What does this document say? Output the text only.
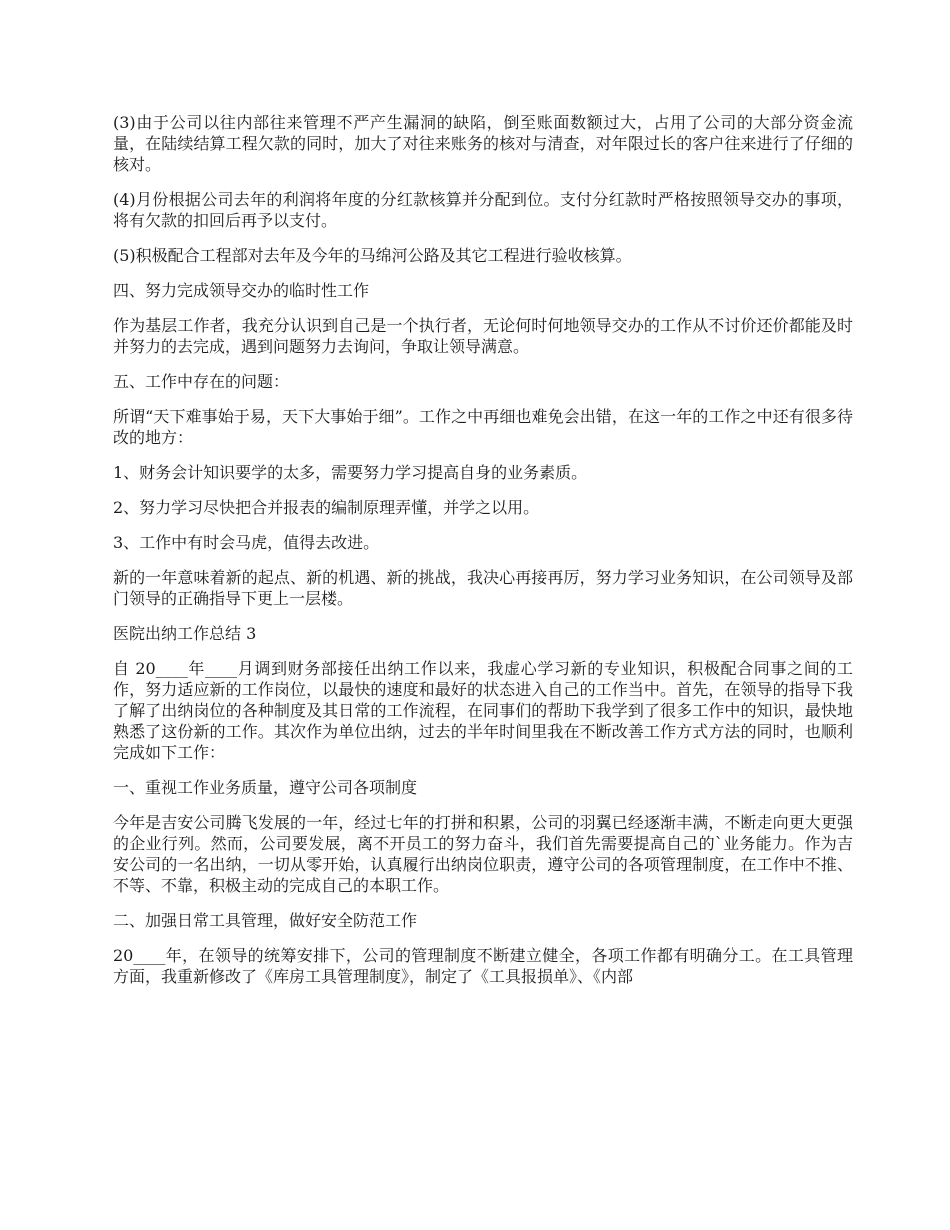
(3)由于公司以往内部往来管理不严产生漏洞的缺陷，倒至账面数额过大，占用了公司的大部分资金流量，在陆续结算工程欠款的同时，加大了对往来账务的核对与清查，对年限过长的客户往来进行了仔细的核对。

(4)月份根据公司去年的利润将年度的分红款核算并分配到位。支付分红款时严格按照领导交办的事项，将有欠款的扣回后再予以支付。

(5)积极配合工程部对去年及今年的马绵河公路及其它工程进行验收核算。

四、努力完成领导交办的临时性工作

作为基层工作者，我充分认识到自己是一个执行者，无论何时何地领导交办的工作从不讨价还价都能及时并努力的去完成，遇到问题努力去询问，争取让领导满意。

五、工作中存在的问题：

所谓“天下难事始于易，天下大事始于细”。工作之中再细也难免会出错，在这一年的工作之中还有很多待改的地方：

1、财务会计知识要学的太多，需要努力学习提高自身的业务素质。

2、努力学习尽快把合并报表的编制原理弄懂，并学之以用。

3、工作中有时会马虎，值得去改进。

新的一年意味着新的起点、新的机遇、新的挑战，我决心再接再厉，努力学习业务知识，在公司领导及部门领导的正确指导下更上一层楼。

医院出纳工作总结 3

自 20____年____月调到财务部接任出纳工作以来，我虚心学习新的专业知识，积极配合同事之间的工作，努力适应新的工作岗位，以最快的速度和最好的状态进入自己的工作当中。首先，在领导的指导下我了解了出纳岗位的各种制度及其日常的工作流程，在同事们的帮助下我学到了很多工作中的知识，最快地熟悉了这份新的工作。其次作为单位出纳，过去的半年时间里我在不断改善工作方式方法的同时，也顺利完成如下工作：

一、重视工作业务质量，遵守公司各项制度

今年是吉安公司腾飞发展的一年，经过七年的打拼和积累，公司的羽翼已经逐渐丰满，不断走向更大更强的企业行列。然而，公司要发展，离不开员工的努力奋斗，我们首先需要提高自己的`业务能力。作为吉安公司的一名出纳，一切从零开始，认真履行出纳岗位职责，遵守公司的各项管理制度，在工作中不推、不等、不靠，积极主动的完成自己的本职工作。

二、加强日常工具管理，做好安全防范工作

20____年，在领导的统筹安排下，公司的管理制度不断建立健全，各项工作都有明确分工。在工具管理方面，我重新修改了《库房工具管理制度》，制定了《工具报损单》、《内部
